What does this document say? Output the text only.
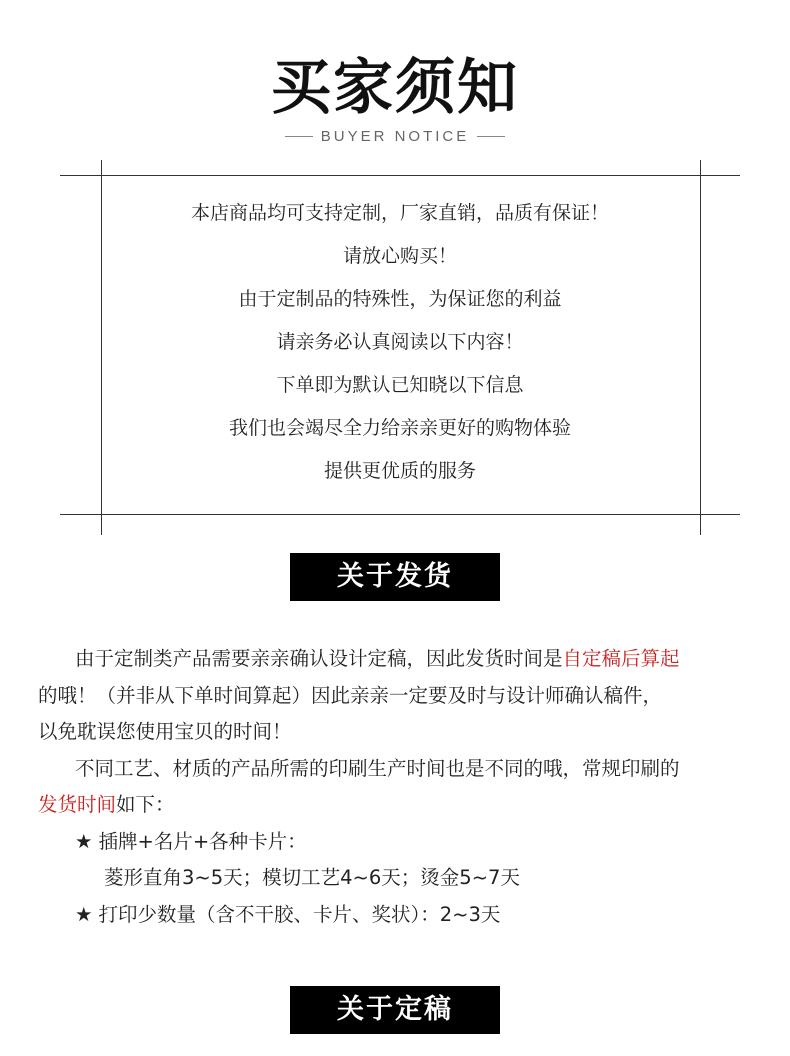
买家须知
BUYER NOTICE

本店商品均可支持定制，厂家直销，品质有保证！

请放心购买！

由于定制品的特殊性，为保证您的利益

请亲务必认真阅读以下内容！

下单即为默认已知晓以下信息

我们也会竭尽全力给亲亲更好的购物体验

提供更优质的服务

关于发货
由于定制类产品需要亲亲确认设计定稿，因此发货时间是自定稿后算起
的哦！（并非从下单时间算起）因此亲亲一定要及时与设计师确认稿件，
以免耽误您使用宝贝的时间！
不同工艺、材质的产品所需的印刷生产时间也是不同的哦，常规印刷的
发货时间如下：
★ 插牌+名片+各种卡片：
菱形直角3~5天；模切工艺4~6天；烫金5~7天
★ 打印少数量（含不干胶、卡片、奖状）：2~3天
关于定稿
